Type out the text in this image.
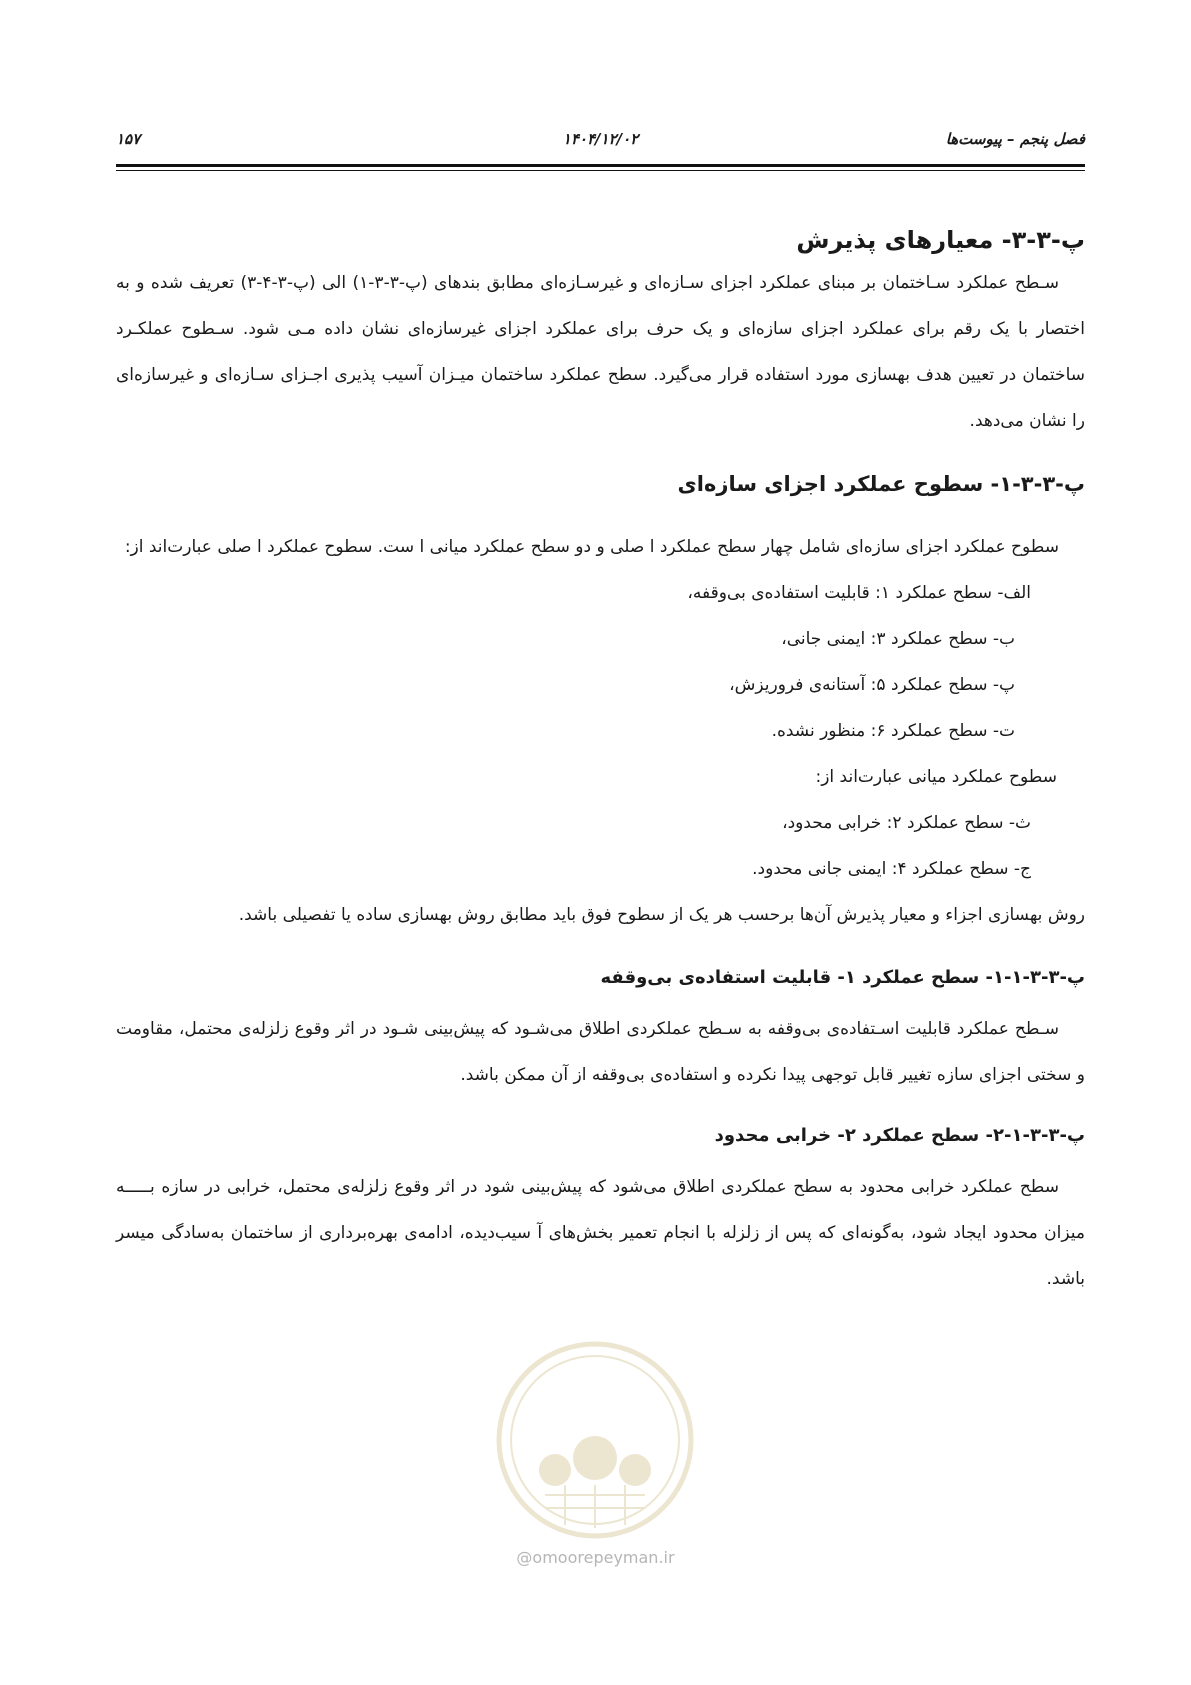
فصل پنجم – پیوست‌ها
۱۴۰۴/۱۲/۰۲
۱۵۷
پ-۳-۳- معیارهای پذیرش

سـطح عملکرد سـاختمان بر مبنای عملکرد اجزای سـازه‌ای و غیرسـازه‌ای مطابق بندهای (پ-۳-۳-۱) الی (پ-۳-۴-۳) تعریف شده و به اختصار با یک رقم برای عملکرد اجزای سازه‌ای و یک حرف برای عملکرد اجزای غیرسازه‌ای نشان داده مـی شود. سـطوح عملکـرد ساختمان در تعیین هدف بهسازی مورد استفاده قرار می‌گیرد. سطح عملکرد ساختمان میـزان آسیب پذیری اجـزای سـازه‌ای و غیرسازه‌ای را نشان می‌دهد.

پ-۳-۳-۱- سطوح عملکرد اجزای سازه‌ای

سطوح عملکرد اجزای سازه‌ای شامل چهار سطح عملکرد ا صلی و دو سطح عملکرد میانی ا ست. سطوح عملکرد ا صلی عبارت‌اند از:

الف- سطح عملکرد ۱: قابلیت استفاده‌ی بی‌وقفه،

ب- سطح عملکرد ۳: ایمنی جانی،

پ- سطح عملکرد ۵: آستانه‌ی فروریزش،

ت- سطح عملکرد ۶: منظور نشده.

سطوح عملکرد میانی عبارت‌اند از:

ث- سطح عملکرد ۲: خرابی محدود،

ج- سطح عملکرد ۴: ایمنی جانی محدود.

روش بهسازی اجزاء و معیار پذیرش آن‌ها برحسب هر یک از سطوح فوق باید مطابق روش بهسازی ساده یا تفصیلی باشد.

پ-۳-۳-۱-۱- سطح عملکرد ۱- قابلیت استفاده‌ی بی‌وقفه

سـطح عملکرد قابلیت اسـتفاده‌ی بی‌وقفه به سـطح عملکردی اطلاق می‌شـود که پیش‌بینی شـود در اثر وقوع زلزله‌ی محتمل، مقاومت و سختی اجزای سازه تغییر قابل توجهی پیدا نکرده و استفاده‌ی بی‌وقفه از آن ممکن باشد.

پ-۳-۳-۱-۲- سطح عملکرد ۲- خرابی محدود

سطح عملکرد خرابی محدود به سطح عملکردی اطلاق می‌شود که پیش‌بینی شود در اثر وقوع زلزله‌ی محتمل، خرابی در سازه بـــــه میزان محدود ایجاد شود، به‌گونه‌ای که پس از زلزله با انجام تعمیر بخش‌های آ سیب‌دیده، ادامه‌ی بهره‌برداری از ساختمان به‌سادگی میسر باشد.

@omoorepeyman.ir
